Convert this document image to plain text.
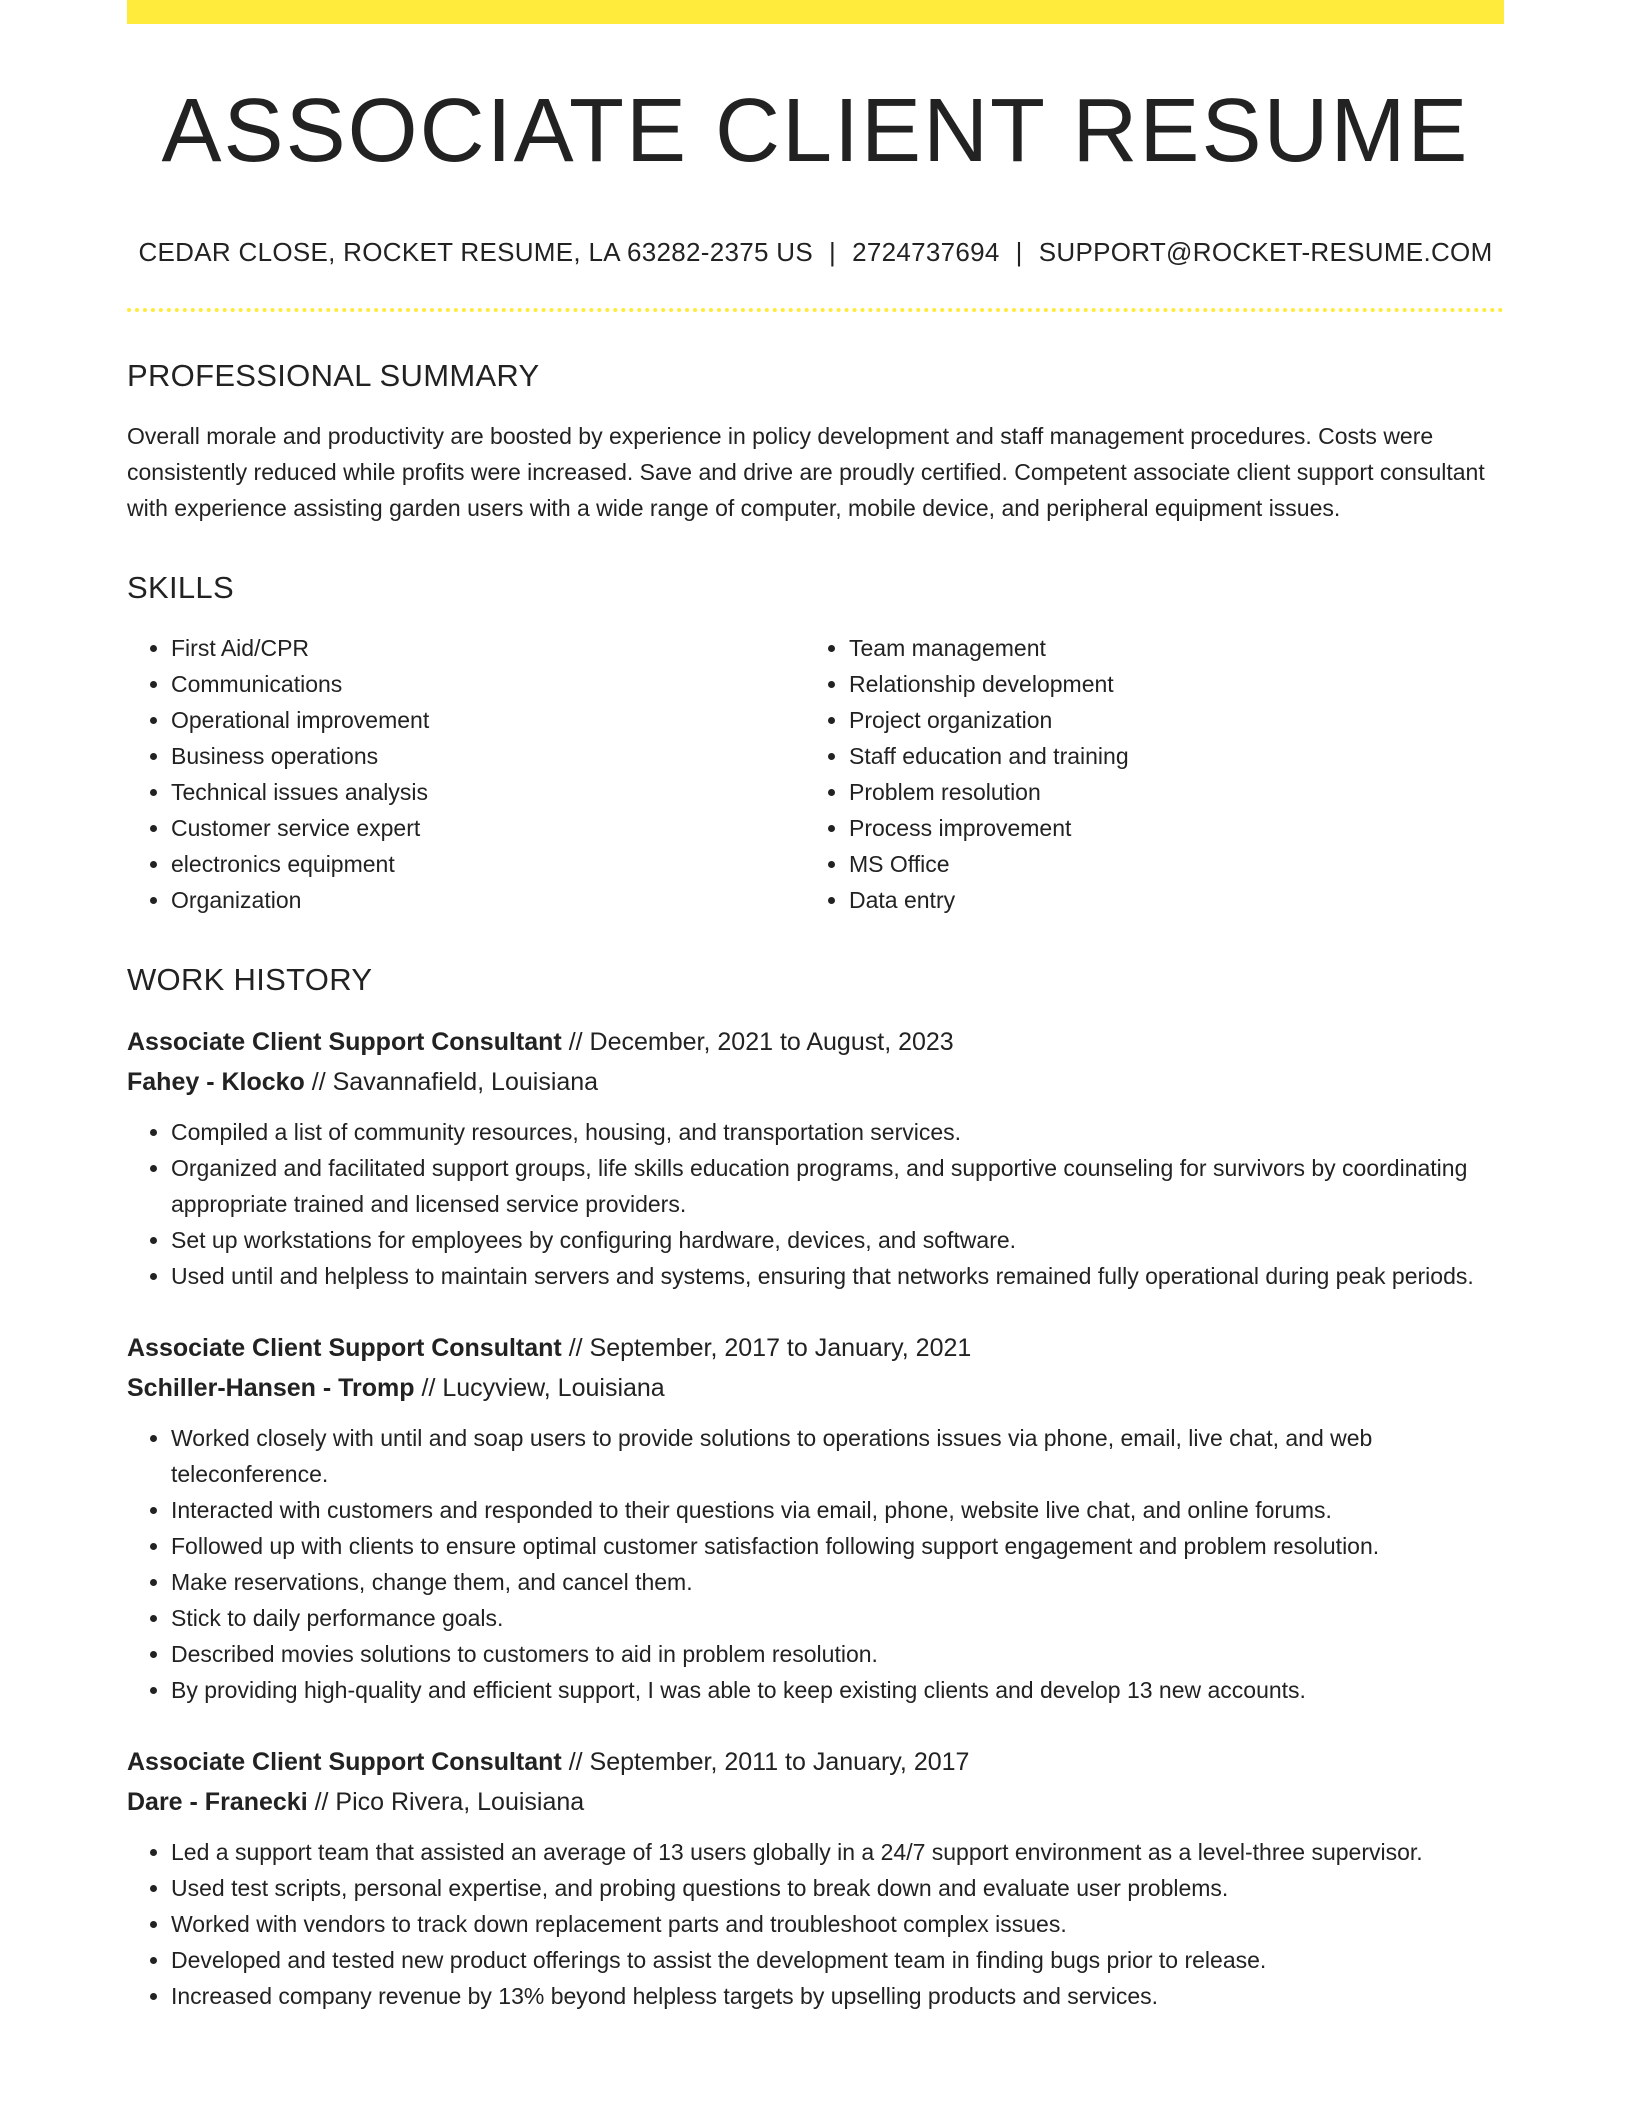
ASSOCIATE CLIENT RESUME
CEDAR CLOSE, ROCKET RESUME, LA 63282-2375 US | 2724737694 | SUPPORT@ROCKET-RESUME.COM
PROFESSIONAL SUMMARY

Overall morale and productivity are boosted by experience in policy development and staff management procedures. Costs were consistently reduced while profits were increased. Save and drive are proudly certified. Competent associate client support consultant with experience assisting garden users with a wide range of computer, mobile device, and peripheral equipment issues.

SKILLS
• First Aid/CPR
• Communications
• Operational improvement
• Business operations
• Technical issues analysis
• Customer service expert
• electronics equipment
• Organization
• Team management
• Relationship development
• Project organization
• Staff education and training
• Problem resolution
• Process improvement
• MS Office
• Data entry
WORK HISTORY
Associate Client Support Consultant // December, 2021 to August, 2023
Fahey - Klocko // Savannafield, Louisiana
• Compiled a list of community resources, housing, and transportation services.
• Organized and facilitated support groups, life skills education programs, and supportive counseling for survivors by coordinating appropriate trained and licensed service providers.
• Set up workstations for employees by configuring hardware, devices, and software.
• Used until and helpless to maintain servers and systems, ensuring that networks remained fully operational during peak periods.
Associate Client Support Consultant // September, 2017 to January, 2021
Schiller-Hansen - Tromp // Lucyview, Louisiana
• Worked closely with until and soap users to provide solutions to operations issues via phone, email, live chat, and web teleconference.
• Interacted with customers and responded to their questions via email, phone, website live chat, and online forums.
• Followed up with clients to ensure optimal customer satisfaction following support engagement and problem resolution.
• Make reservations, change them, and cancel them.
• Stick to daily performance goals.
• Described movies solutions to customers to aid in problem resolution.
• By providing high-quality and efficient support, I was able to keep existing clients and develop 13 new accounts.
Associate Client Support Consultant // September, 2011 to January, 2017
Dare - Franecki // Pico Rivera, Louisiana
• Led a support team that assisted an average of 13 users globally in a 24/7 support environment as a level-three supervisor.
• Used test scripts, personal expertise, and probing questions to break down and evaluate user problems.
• Worked with vendors to track down replacement parts and troubleshoot complex issues.
• Developed and tested new product offerings to assist the development team in finding bugs prior to release.
• Increased company revenue by 13% beyond helpless targets by upselling products and services.
